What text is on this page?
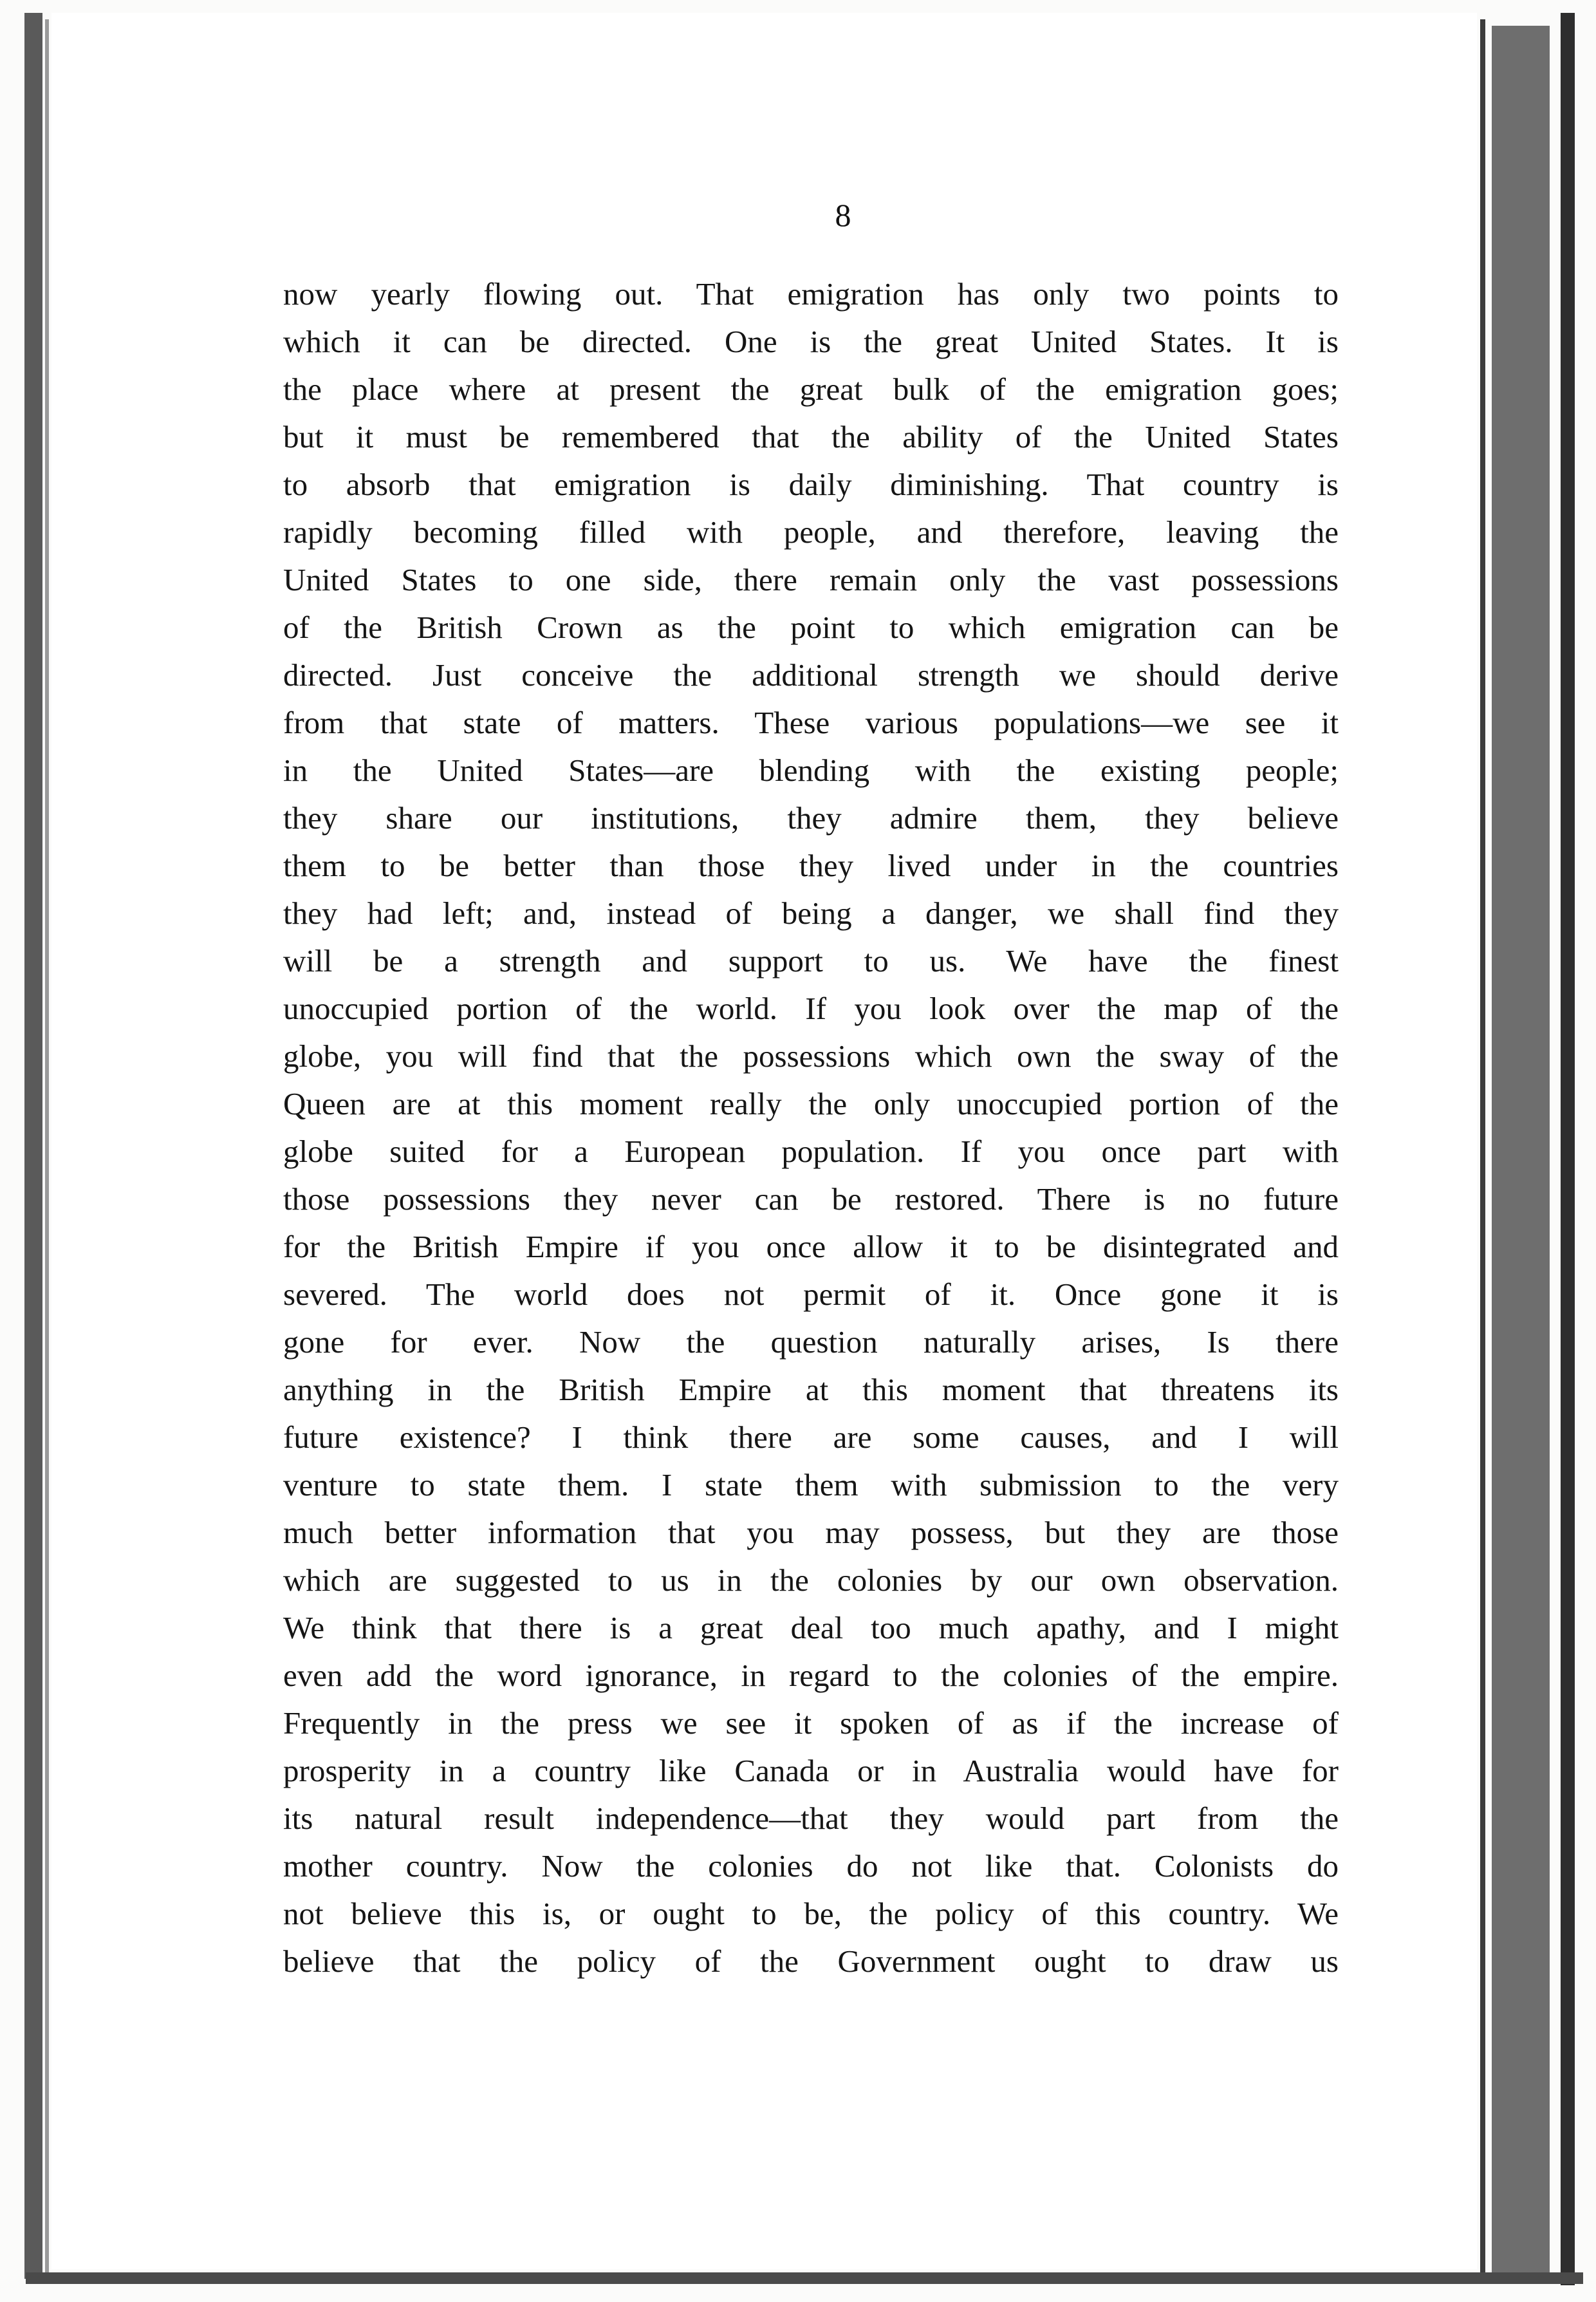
8
now yearly flowing out. That emigration has only two points to
which it can be directed. One is the great United States. It is
the place where at present the great bulk of the emigration goes;
but it must be remembered that the ability of the United States
to absorb that emigration is daily diminishing. That country is
rapidly becoming filled with people, and therefore, leaving the
United States to one side, there remain only the vast possessions
of the British Crown as the point to which emigration can be
directed. Just conceive the additional strength we should derive
from that state of matters. These various populations—we see it
in the United States—are blending with the existing people;
they share our institutions, they admire them, they believe
them to be better than those they lived under in the countries
they had left; and, instead of being a danger, we shall find they
will be a strength and support to us. We have the finest
unoccupied portion of the world. If you look over the map of the
globe, you will find that the possessions which own the sway of the
Queen are at this moment really the only unoccupied portion of the
globe suited for a European population. If you once part with
those possessions they never can be restored. There is no future
for the British Empire if you once allow it to be disintegrated and
severed. The world does not permit of it. Once gone it is
gone for ever. Now the question naturally arises, Is there
anything in the British Empire at this moment that threatens its
future existence? I think there are some causes, and I will
venture to state them. I state them with submission to the very
much better information that you may possess, but they are those
which are suggested to us in the colonies by our own observation.
We think that there is a great deal too much apathy, and I might
even add the word ignorance, in regard to the colonies of the empire.
Frequently in the press we see it spoken of as if the increase of
prosperity in a country like Canada or in Australia would have for
its natural result independence—that they would part from the
mother country. Now the colonies do not like that. Colonists do
not believe this is, or ought to be, the policy of this country. We
believe that the policy of the Government ought to draw us
